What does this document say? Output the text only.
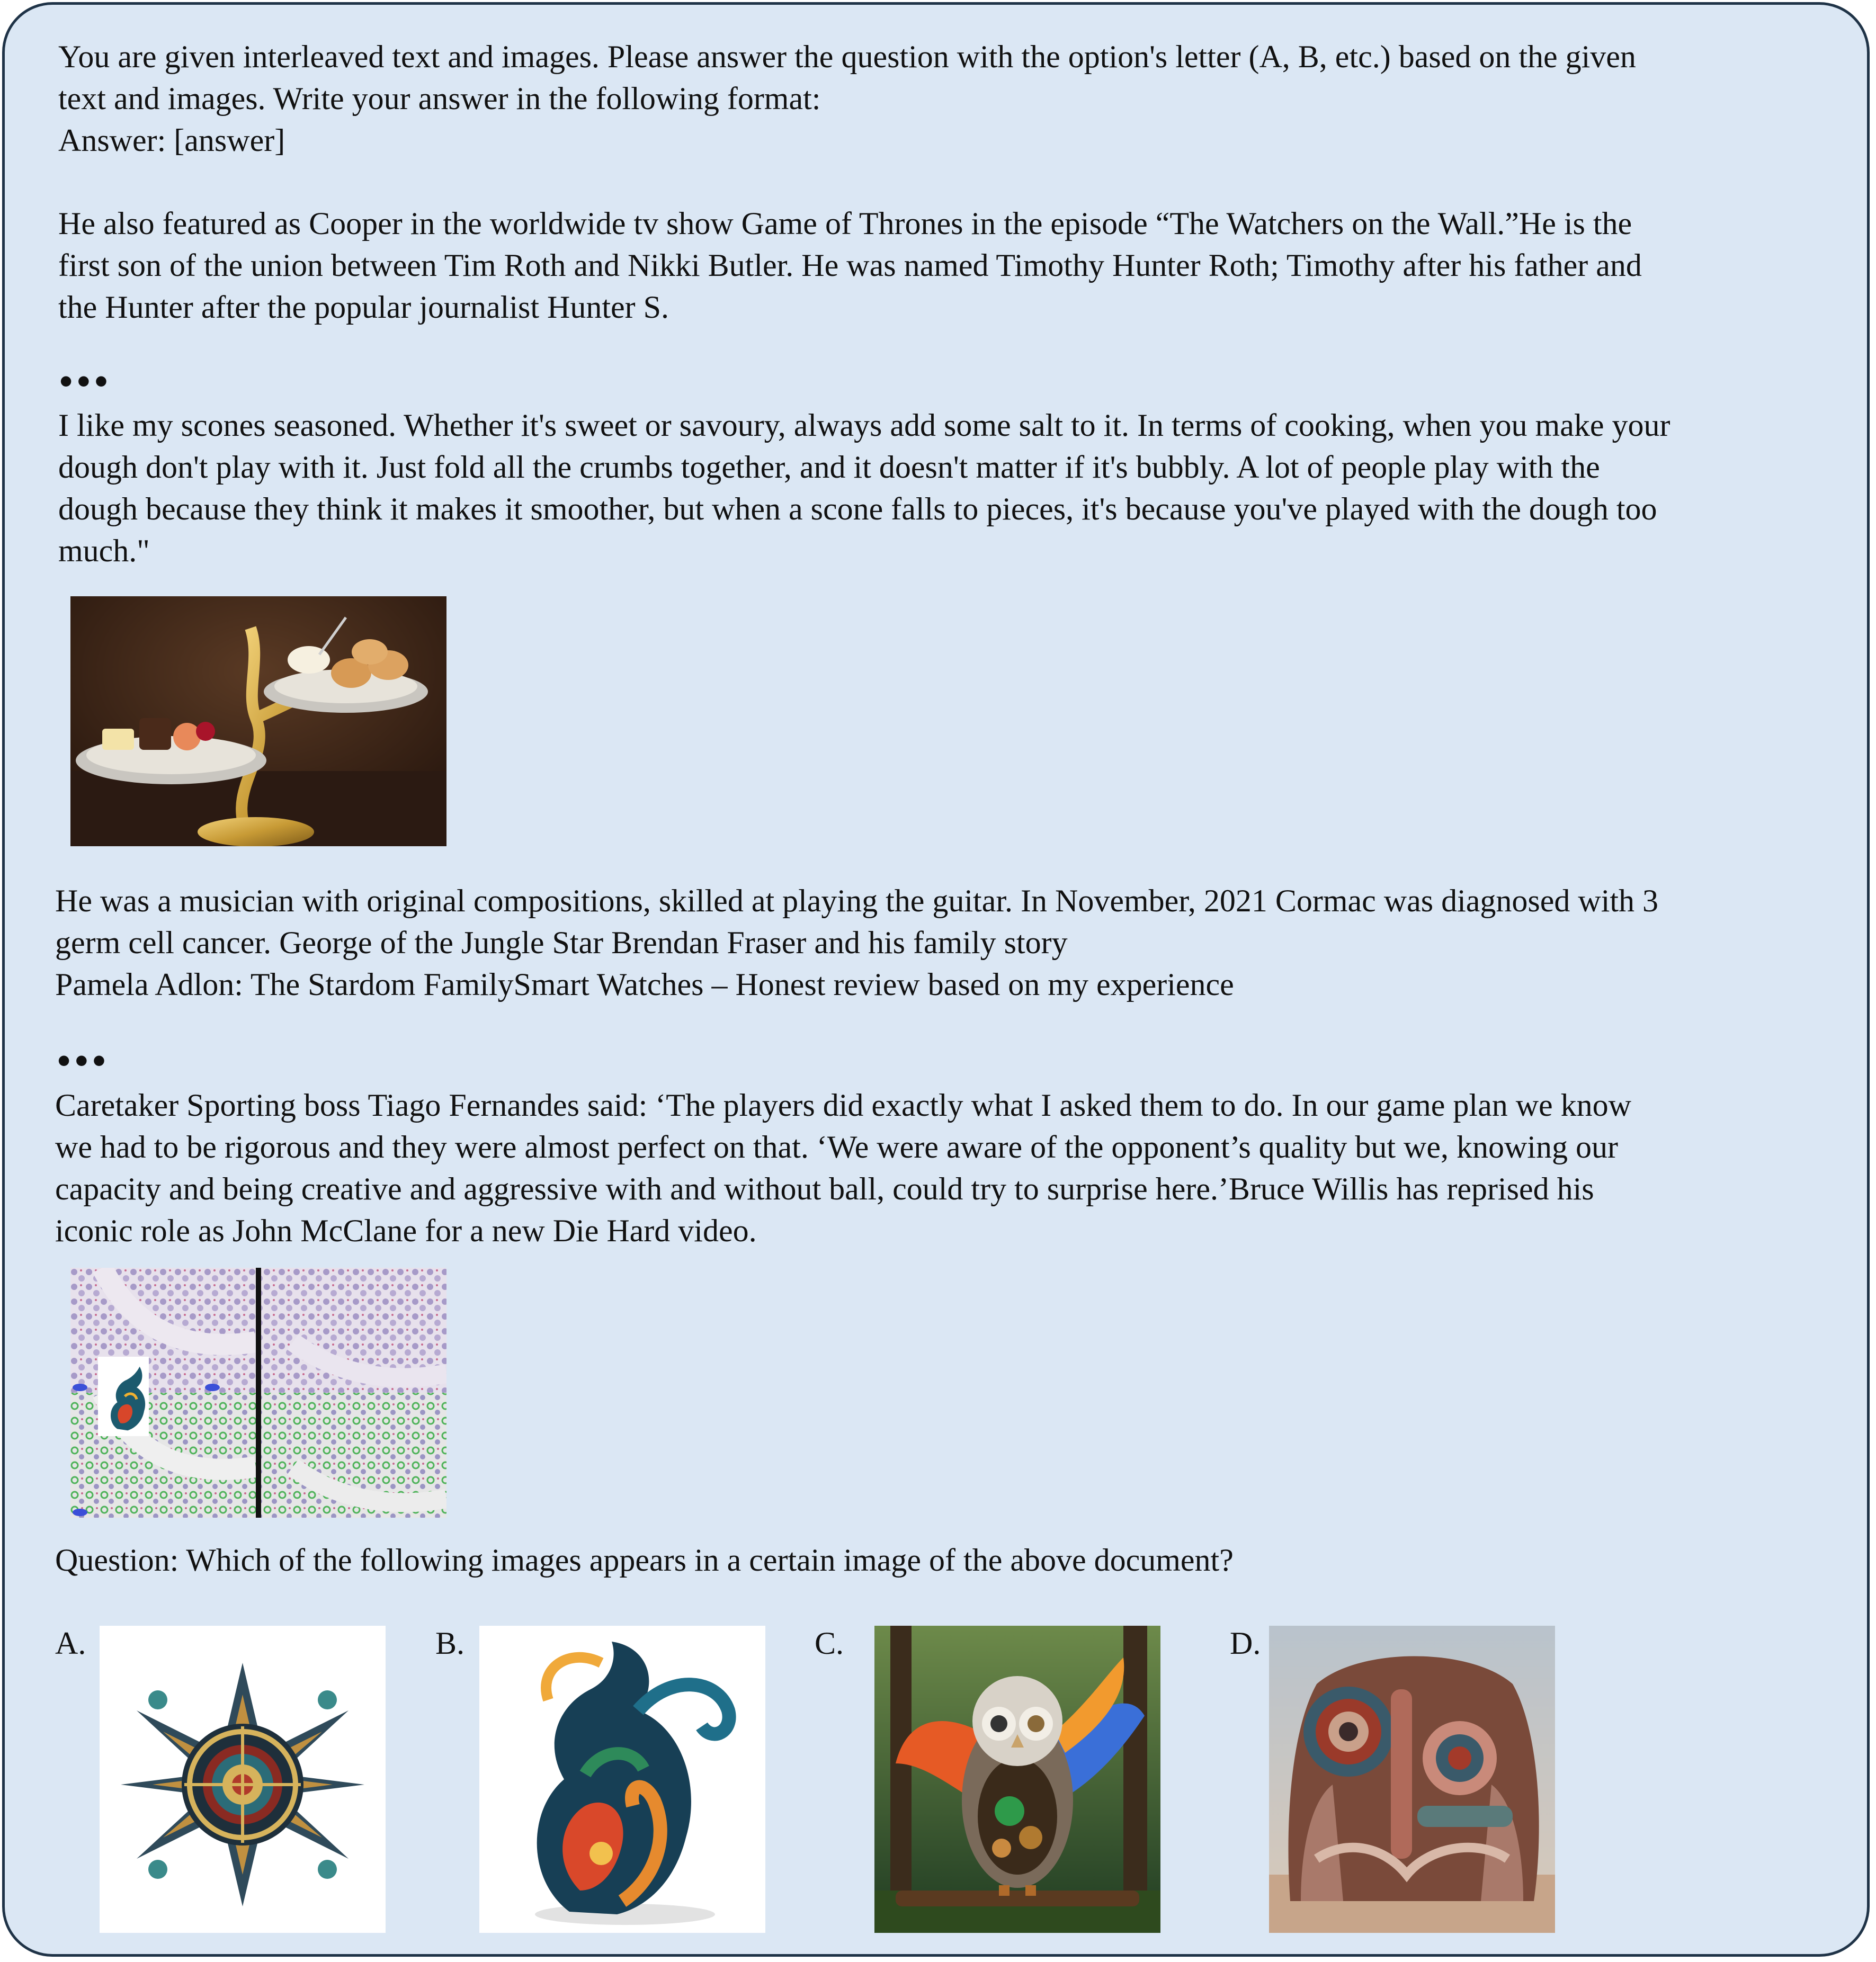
You are given interleaved text and images. Please answer the question with the option's letter (A, B, etc.) based on the given
text and images. Write your answer in the following format:
Answer: [answer]
He also featured as Cooper in the worldwide tv show Game of Thrones in the episode “The Watchers on the Wall.”He is the
first son of the union between Tim Roth and Nikki Butler. He was named Timothy Hunter Roth; Timothy after his father and
the Hunter after the popular journalist Hunter S.
•••
I like my scones seasoned. Whether it's sweet or savoury, always add some salt to it. In terms of cooking, when you make your
dough don't play with it. Just fold all the crumbs together, and it doesn't matter if it's bubbly. A lot of people play with the
dough because they think it makes it smoother, but when a scone falls to pieces, it's because you've played with the dough too
much."
He was a musician with original compositions, skilled at playing the guitar. In November, 2021 Cormac was diagnosed with 3
germ cell cancer. George of the Jungle Star Brendan Fraser and his family story
Pamela Adlon: The Stardom FamilySmart Watches – Honest review based on my experience
•••
Caretaker Sporting boss Tiago Fernandes said: ‘The players did exactly what I asked them to do. In our game plan we know
we had to be rigorous and they were almost perfect on that. ‘We were aware of the opponent’s quality but we, knowing our
capacity and being creative and aggressive with and without ball, could try to surprise here.’Bruce Willis has reprised his
iconic role as John McClane for a new Die Hard video.
Question: Which of the following images appears in a certain image of the above document?
A.	B.	C.	D.
